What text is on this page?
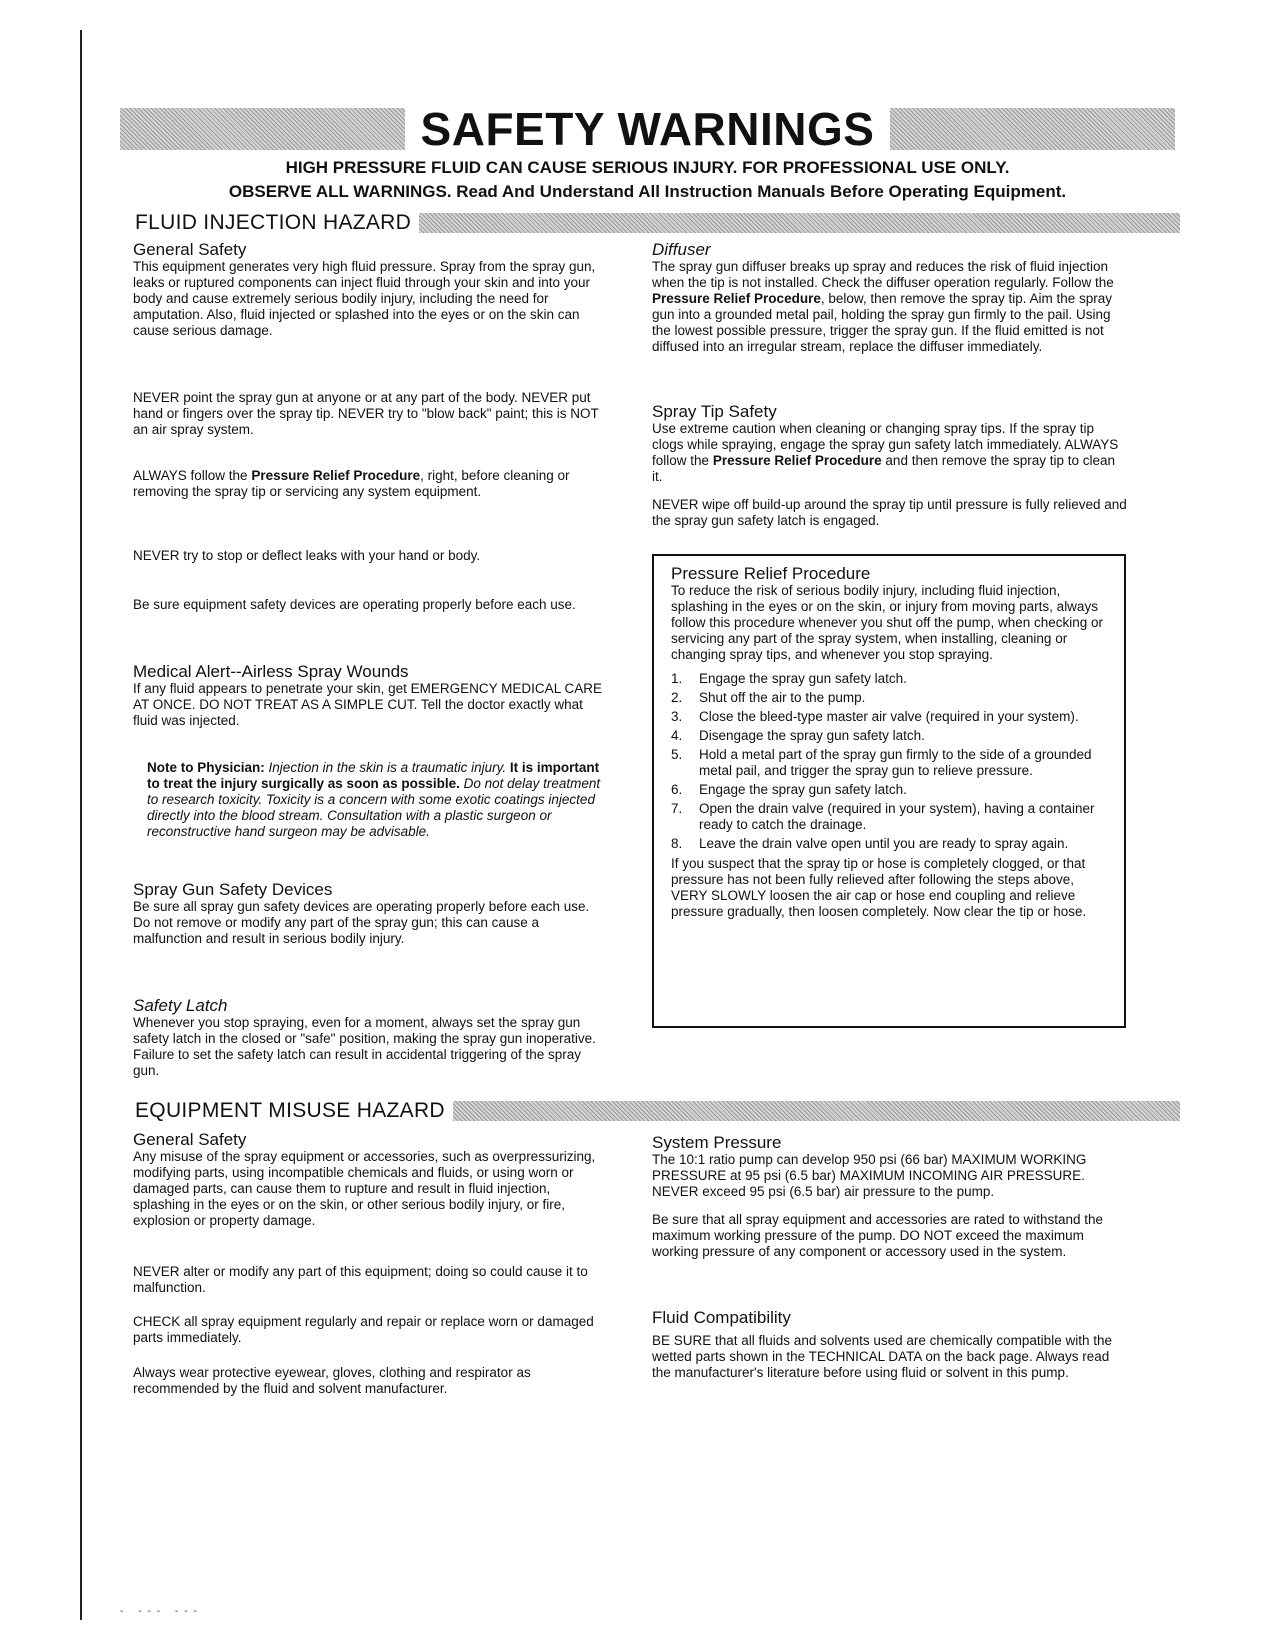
SAFETY WARNINGS
HIGH PRESSURE FLUID CAN CAUSE SERIOUS INJURY. FOR PROFESSIONAL USE ONLY.
OBSERVE ALL WARNINGS. Read And Understand All Instruction Manuals Before Operating Equipment.
FLUID INJECTION HAZARD
General Safety

This equipment generates very high fluid pressure. Spray from the spray gun, leaks or ruptured components can inject fluid through your skin and into your body and cause extremely serious bodily injury, including the need for amputation. Also, fluid injected or splashed into the eyes or on the skin can cause serious damage.

NEVER point the spray gun at anyone or at any part of the body. NEVER put hand or fingers over the spray tip. NEVER try to "blow back" paint; this is NOT an air spray system.

ALWAYS follow the Pressure Relief Procedure, right, before cleaning or removing the spray tip or servicing any system equipment.

NEVER try to stop or deflect leaks with your hand or body.

Be sure equipment safety devices are operating properly before each use.

Medical Alert--Airless Spray Wounds

If any fluid appears to penetrate your skin, get EMERGENCY MEDICAL CARE AT ONCE. DO NOT TREAT AS A SIMPLE CUT. Tell the doctor exactly what fluid was injected.

Note to Physician: Injection in the skin is a traumatic injury. It is important to treat the injury surgically as soon as possible. Do not delay treatment to research toxicity. Toxicity is a concern with some exotic coatings injected directly into the blood stream. Consultation with a plastic surgeon or reconstructive hand surgeon may be advisable.

Spray Gun Safety Devices

Be sure all spray gun safety devices are operating properly before each use. Do not remove or modify any part of the spray gun; this can cause a malfunction and result in serious bodily injury.

Safety Latch

Whenever you stop spraying, even for a moment, always set the spray gun safety latch in the closed or "safe" position, making the spray gun inoperative. Failure to set the safety latch can result in accidental triggering of the spray gun.

Diffuser

The spray gun diffuser breaks up spray and reduces the risk of fluid injection when the tip is not installed. Check the diffuser operation regularly. Follow the Pressure Relief Procedure, below, then remove the spray tip. Aim the spray gun into a grounded metal pail, holding the spray gun firmly to the pail. Using the lowest possible pressure, trigger the spray gun. If the fluid emitted is not diffused into an irregular stream, replace the diffuser immediately.

Spray Tip Safety

Use extreme caution when cleaning or changing spray tips. If the spray tip clogs while spraying, engage the spray gun safety latch immediately. ALWAYS follow the Pressure Relief Procedure and then remove the spray tip to clean it.

NEVER wipe off build-up around the spray tip until pressure is fully relieved and the spray gun safety latch is engaged.

Pressure Relief Procedure

To reduce the risk of serious bodily injury, including fluid injection, splashing in the eyes or on the skin, or injury from moving parts, always follow this procedure whenever you shut off the pump, when checking or servicing any part of the spray system, when installing, cleaning or changing spray tips, and whenever you stop spraying.

1.	Engage the spray gun safety latch.
2.	Shut off the air to the pump.
3.	Close the bleed-type master air valve (required in your system).
4.	Disengage the spray gun safety latch.
5.	Hold a metal part of the spray gun firmly to the side of a grounded metal pail, and trigger the spray gun to relieve pressure.
6.	Engage the spray gun safety latch.
7.	Open the drain valve (required in your system), having a container ready to catch the drainage.
8.	Leave the drain valve open until you are ready to spray again.

If you suspect that the spray tip or hose is completely clogged, or that pressure has not been fully relieved after following the steps above, VERY SLOWLY loosen the air cap or hose end coupling and relieve pressure gradually, then loosen completely. Now clear the tip or hose.

EQUIPMENT MISUSE HAZARD
General Safety

Any misuse of the spray equipment or accessories, such as overpressurizing, modifying parts, using incompatible chemicals and fluids, or using worn or damaged parts, can cause them to rupture and result in fluid injection, splashing in the eyes or on the skin, or other serious bodily injury, or fire, explosion or property damage.

NEVER alter or modify any part of this equipment; doing so could cause it to malfunction.

CHECK all spray equipment regularly and repair or replace worn or damaged parts immediately.

Always wear protective eyewear, gloves, clothing and respirator as recommended by the fluid and solvent manufacturer.

System Pressure

The 10:1 ratio pump can develop 950 psi (66 bar) MAXIMUM WORKING PRESSURE at 95 psi (6.5 bar) MAXIMUM INCOMING AIR PRESSURE. NEVER exceed 95 psi (6.5 bar) air pressure to the pump.

Be sure that all spray equipment and accessories are rated to withstand the maximum working pressure of the pump. DO NOT exceed the maximum working pressure of any component or accessory used in the system.

Fluid Compatibility

BE SURE that all fluids and solvents used are chemically compatible with the wetted parts shown in the TECHNICAL DATA on the back page. Always read the manufacturer's literature before using fluid or solvent in this pump.

- --- ---
